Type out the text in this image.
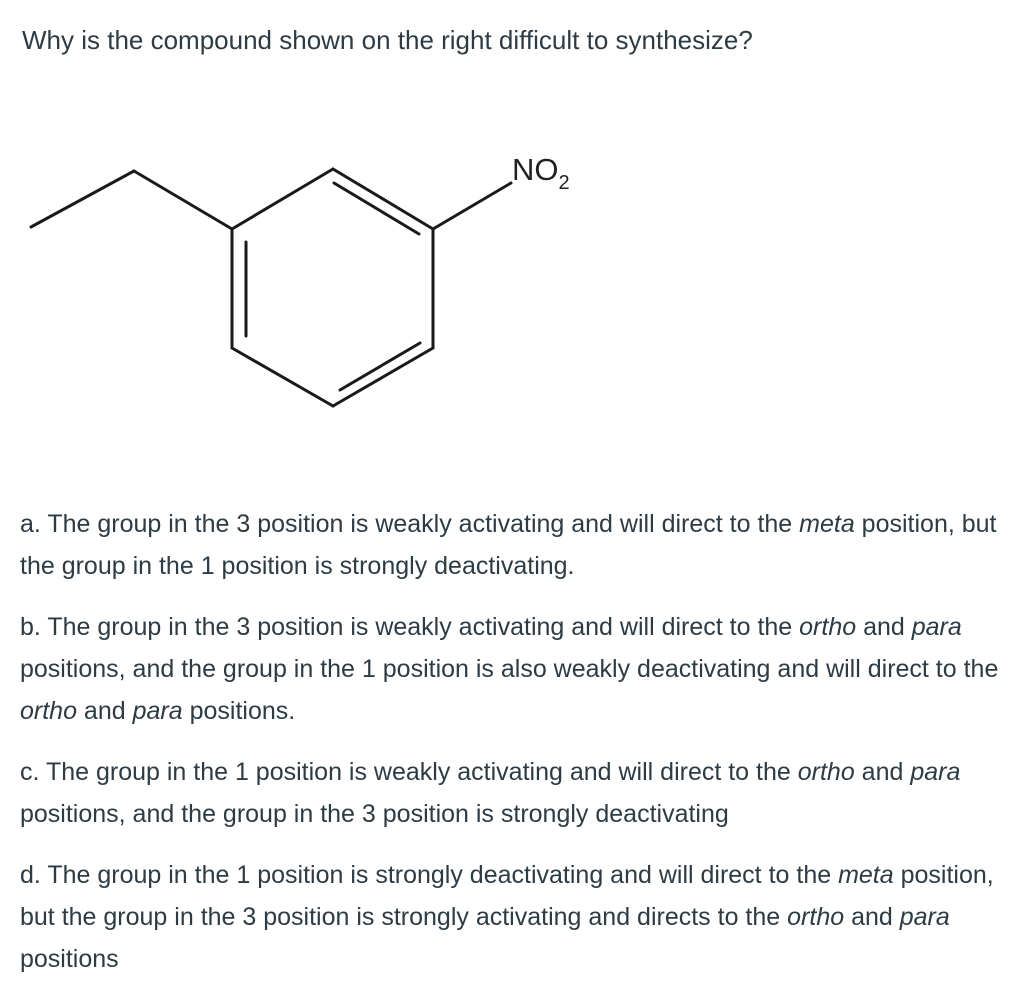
Why is the compound shown on the right difficult to synthesize?
$NO_2$

a. The group in the 3 position is weakly activating and will direct to the meta position, but the group in the 1 position is strongly deactivating.

b. The group in the 3 position is weakly activating and will direct to the ortho and para positions, and the group in the 1 position is also weakly deactivating and will direct to the ortho and para positions.

c. The group in the 1 position is weakly activating and will direct to the ortho and para positions, and the group in the 3 position is strongly deactivating

d. The group in the 1 position is strongly deactivating and will direct to the meta position, but the group in the 3 position is strongly activating and directs to the ortho and para positions
